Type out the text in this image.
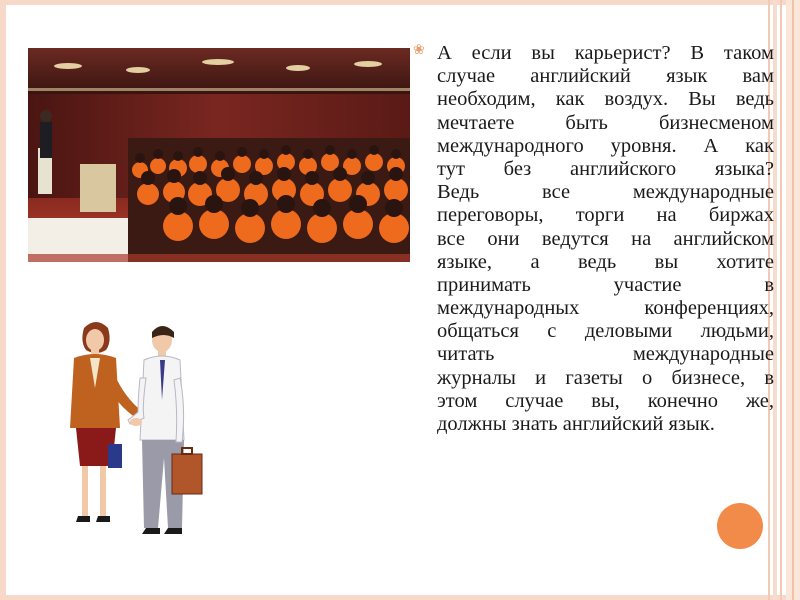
❀ А если вы карьерист? В таком
случае английский язык вам
необходим, как воздух. Вы ведь
мечтаете быть бизнесменом
международного уровня. А как
тут без английского языка?
Ведь все международные
переговоры, торги на биржах
все они ведутся на английском
языке, а ведь вы хотите
принимать участие в
международных конференциях,
общаться с деловыми людьми,
читать международные
журналы и газеты о бизнесе, в
этом случае вы, конечно же,
должны знать английский язык.
